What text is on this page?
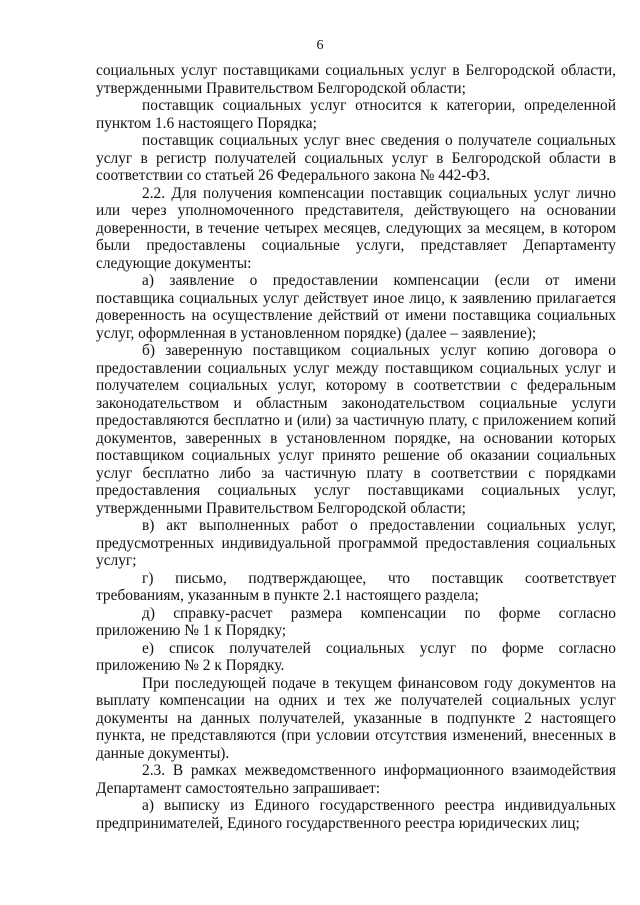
6

социальных услуг поставщиками социальных услуг в Белгородской области, утвержденными Правительством Белгородской области;

поставщик социальных услуг относится к категории, определенной пунктом 1.6 настоящего Порядка;

поставщик социальных услуг внес сведения о получателе социальных услуг в регистр получателей социальных услуг в Белгородской области в соответствии со статьей 26 Федерального закона № 442-ФЗ.

2.2. Для получения компенсации поставщик социальных услуг лично или через уполномоченного представителя, действующего на основании доверенности, в течение четырех месяцев, следующих за месяцем, в котором были предоставлены социальные услуги, представляет Департаменту следующие документы:

а) заявление о предоставлении компенсации (если от имени поставщика социальных услуг действует иное лицо, к заявлению прилагается доверенность на осуществление действий от имени поставщика социальных услуг, оформленная в установленном порядке) (далее – заявление);

б) заверенную поставщиком социальных услуг копию договора о предоставлении социальных услуг между поставщиком социальных услуг и получателем социальных услуг, которому в соответствии с федеральным законодательством и областным законодательством социальные услуги предоставляются бесплатно и (или) за частичную плату, с приложением копий документов, заверенных в установленном порядке, на основании которых поставщиком социальных услуг принято решение об оказании социальных услуг бесплатно либо за частичную плату в соответствии с порядками предоставления социальных услуг поставщиками социальных услуг, утвержденными Правительством Белгородской области;

в) акт выполненных работ о предоставлении социальных услуг, предусмотренных индивидуальной программой предоставления социальных услуг;

г) письмо, подтверждающее, что поставщик соответствует требованиям, указанным в пункте 2.1 настоящего раздела;

д) справку-расчет размера компенсации по форме согласно приложению № 1 к Порядку;

е) список получателей социальных услуг по форме согласно приложению № 2 к Порядку.

При последующей подаче в текущем финансовом году документов на выплату компенсации на одних и тех же получателей социальных услуг документы на данных получателей, указанные в подпункте 2 настоящего пункта, не представляются (при условии отсутствия изменений, внесенных в данные документы).

2.3. В рамках межведомственного информационного взаимодействия Департамент самостоятельно запрашивает:

а) выписку из Единого государственного реестра индивидуальных предпринимателей, Единого государственного реестра юридических лиц;
